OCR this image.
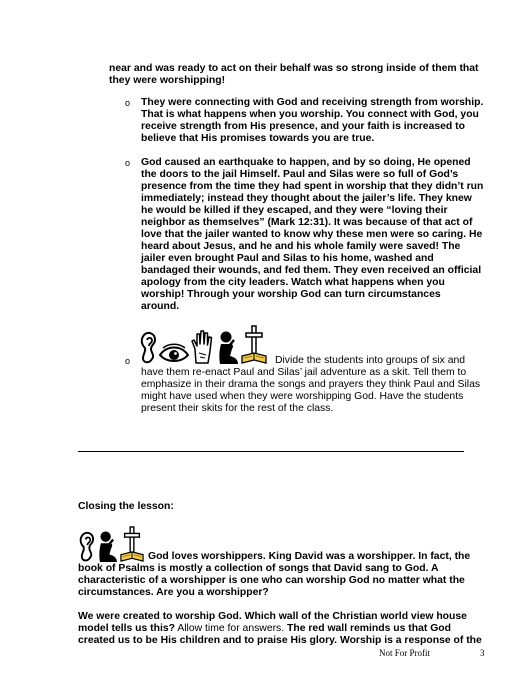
near and was ready to act on their behalf was so strong inside of them that

they were worshipping!

o They were connecting with God and receiving strength from worship.

That is what happens when you worship. You connect with God, you

receive strength from His presence, and your faith is increased to

believe that His promises towards you are true.

o God caused an earthquake to happen, and by so doing, He opened

the doors to the jail Himself. Paul and Silas were so full of God’s

presence from the time they had spent in worship that they didn’t run

immediately; instead they thought about the jailer’s life. They knew

he would be killed if they escaped, and they were “loving their

neighbor as themselves” (Mark 12:31). It was because of that act of

love that the jailer wanted to know why these men were so caring. He

heard about Jesus, and he and his whole family were saved! The

jailer even brought Paul and Silas to his home, washed and

bandaged their wounds, and fed them. They even received an official

apology from the city leaders. Watch what happens when you

worship! Through your worship God can turn circumstances

around.

o	Divide the students into groups of six and

have them re-enact Paul and Silas’ jail adventure as a skit. Tell them to

emphasize in their drama the songs and prayers they think Paul and Silas

might have used when they were worshipping God. Have the students

present their skits for the rest of the class.

Closing the lesson:

God loves worshippers. King David was a worshipper. In fact, the

book of Psalms is mostly a collection of songs that David sang to God. A

characteristic of a worshipper is one who can worship God no matter what the

circumstances. Are you a worshipper?

We were created to worship God. Which wall of the Christian world view house

model tells us this? Allow time for answers. The red wall reminds us that God

created us to be His children and to praise His glory. Worship is a response of the

Not For Profit	3
